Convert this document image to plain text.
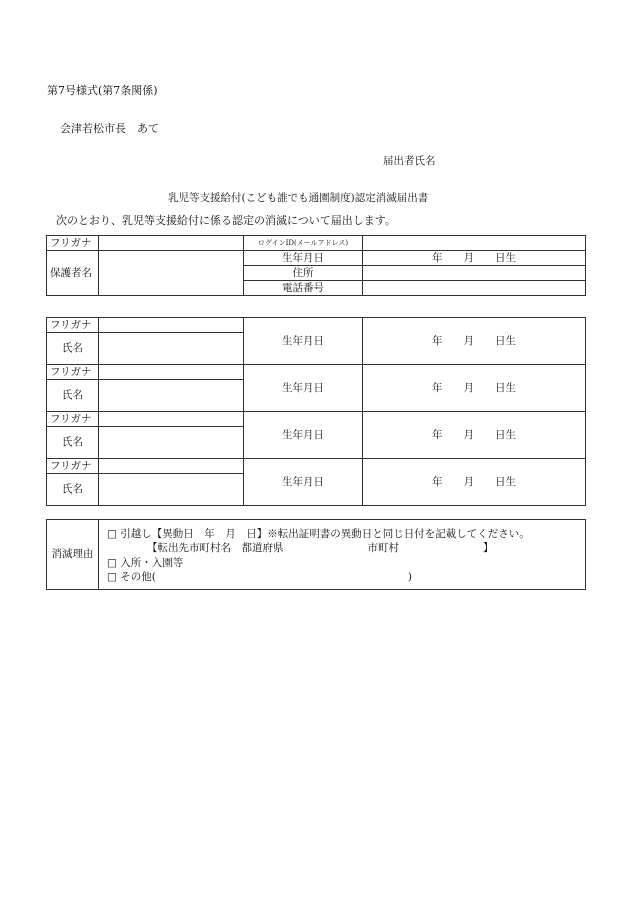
第7号様式(第7条関係)
会津若松市長　あて
届出者氏名
乳児等支援給付(こども誰でも通園制度)認定消滅届出書
次のとおり、乳児等支援給付に係る認定の消滅について届出します。
フリガナ		ログインID(メールアドレス)	
保護者名		生年月日	年　　月　　日生
		住所	
		電話番号	
フリガナ		生年月日	年　　月　　日生
氏名			
フリガナ		生年月日	年　　月　　日生
氏名			
フリガナ		生年月日	年　　月　　日生
氏名			
フリガナ		生年月日	年　　月　　日生
氏名			
消滅理由	
□ 引越し【異動日　年　月　日】※転出証明書の異動日と同じ日付を記載してください。
【転出先市町村名　都道府県　　　　　　　　市町村　　　　　　　　】
□ 入所・入園等
□ その他(　　　　　　　　　　　　　　　　　　　　　　　　)
